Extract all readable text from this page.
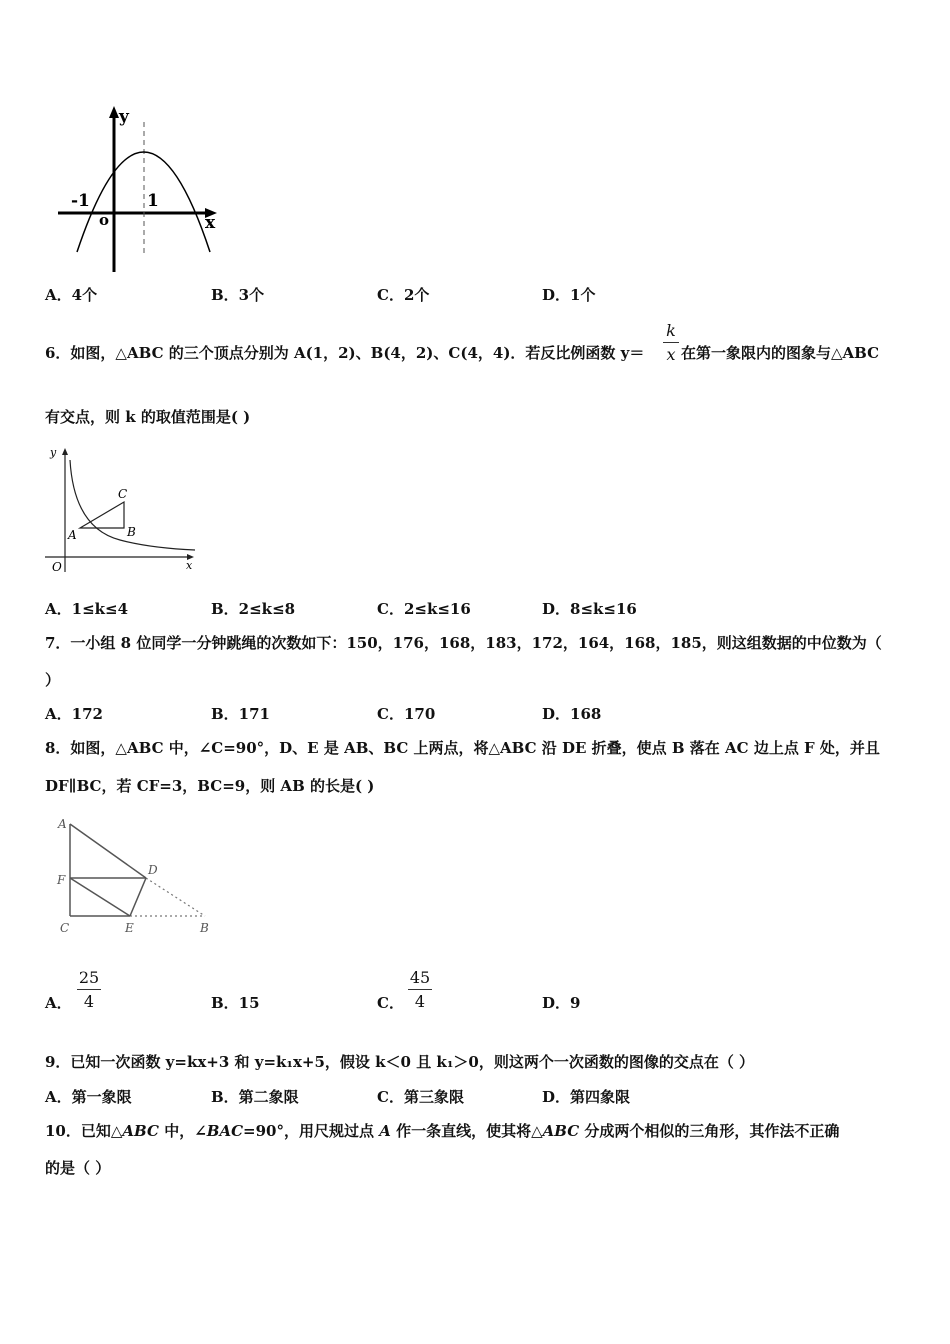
y
x
o
-1	1
A．4个	B．3个	C．2个	D．1个
6．如图，△ABC 的三个顶点分别为 A(1，2)、B(4，2)、C(4，4)．若反比例函数 y＝
k
x 在第一象限内的图象与△ABC
有交点，则 k 的取值范围是( )
y
x
O
A	B
C
A．1≤k≤4	B．2≤k≤8	C．2≤k≤16	D．8≤k≤16
7．一小组 8 位同学一分钟跳绳的次数如下：150，176，168，183，172，164，168，185，则这组数据的中位数为（
）
A．172	B．171	C．170	D．168
8．如图，△ABC 中，∠C=90°，D、E 是 AB、BC 上两点，将△ABC 沿 DE 折叠，使点 B 落在 AC 边上点 F 处，并且
DF∥BC，若 CF=3，BC=9，则 AB 的长是( )
A
F
C	E	B
D
A．
25
4	B．15	C．
45
4	D．9
9．已知一次函数 y=kx+3 和 y=k₁x+5，假设 k＜0 且 k₁＞0，则这两个一次函数的图像的交点在（ ）
A．第一象限	B．第二象限	C．第三象限	D．第四象限
10．已知△ABC 中，∠BAC=90°，用尺规过点 A 作一条直线，使其将△ABC 分成两个相似的三角形，其作法不正确
的是（ ）
